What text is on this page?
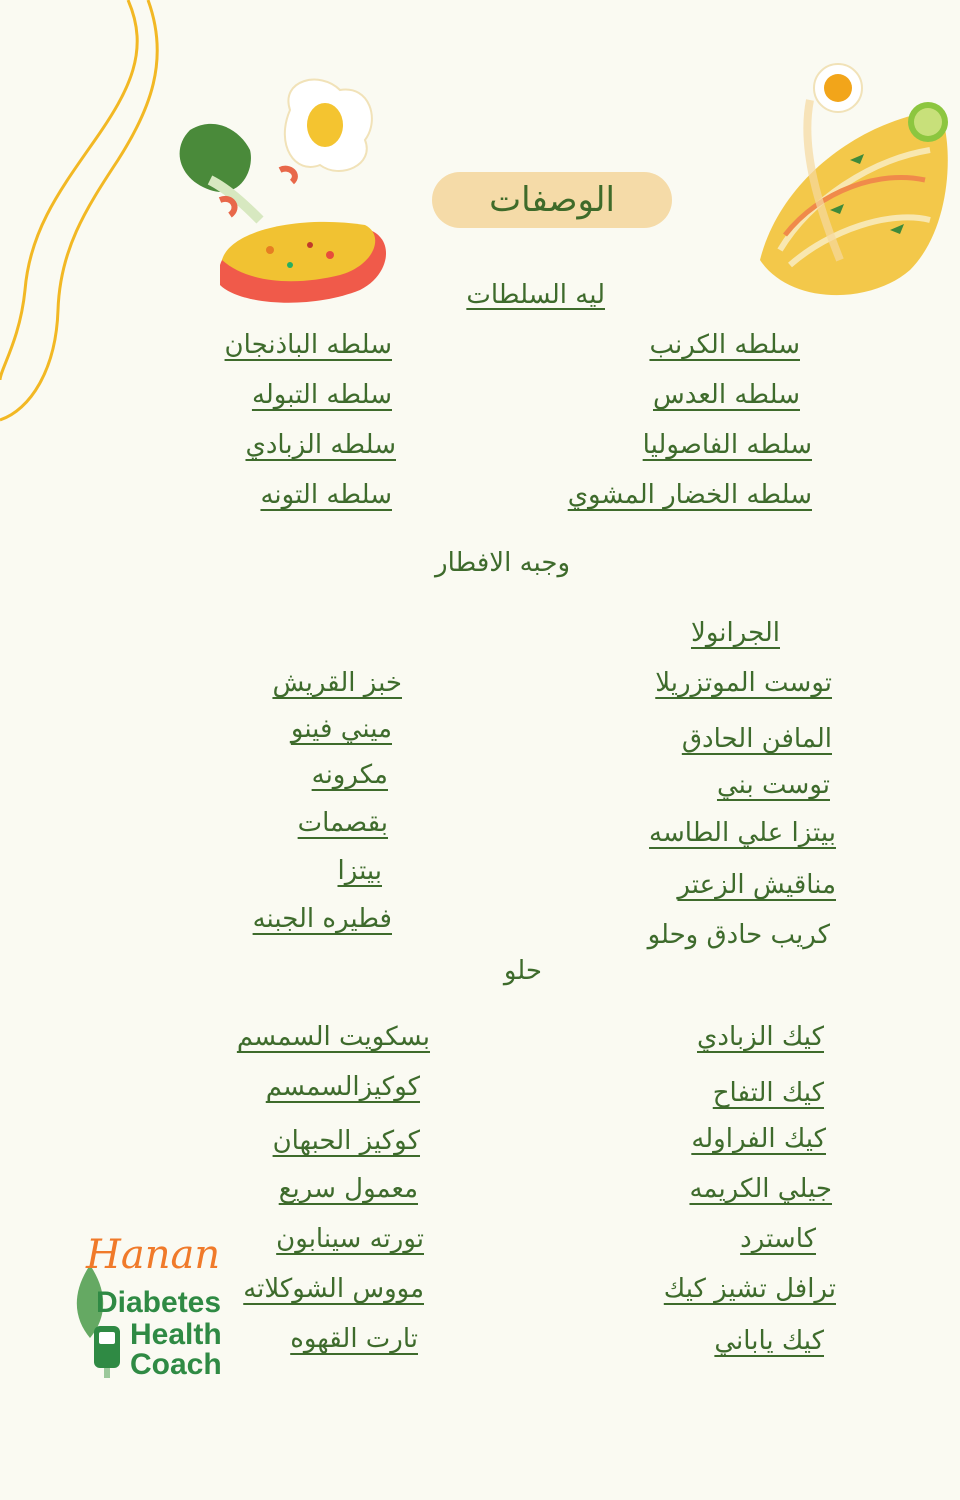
الوصفات
ليه السلطات
سلطه الكرنب
سلطه العدس
سلطه الفاصوليا
سلطه الخضار المشوي
سلطه الباذنجان
سلطه التبوله
سلطه الزبادي
سلطه التونه
وجبه الافطار
الجرانولا
توست الموتزريلا
المافن الحادق
توست بني
بيتزا علي الطاسه
مناقيش الزعتر
كريب حادق وحلو
خبز القريش
ميني فينو
مكرونه
بقصمات
بيتزا
فطيره الجبنه
حلو
كيك الزبادي
كيك التفاح
كيك الفراوله
جيلي الكريمه
كاسترد
ترافل تشيز كيك
كيك ياباني
بسكويت السمسم
كوكيزالسمسم
كوكيز الحبهان
معمول سريع
تورته سينابون
مووس الشوكلاته
تارت القهوه
Hanan
Diabetes
Health
Coach
